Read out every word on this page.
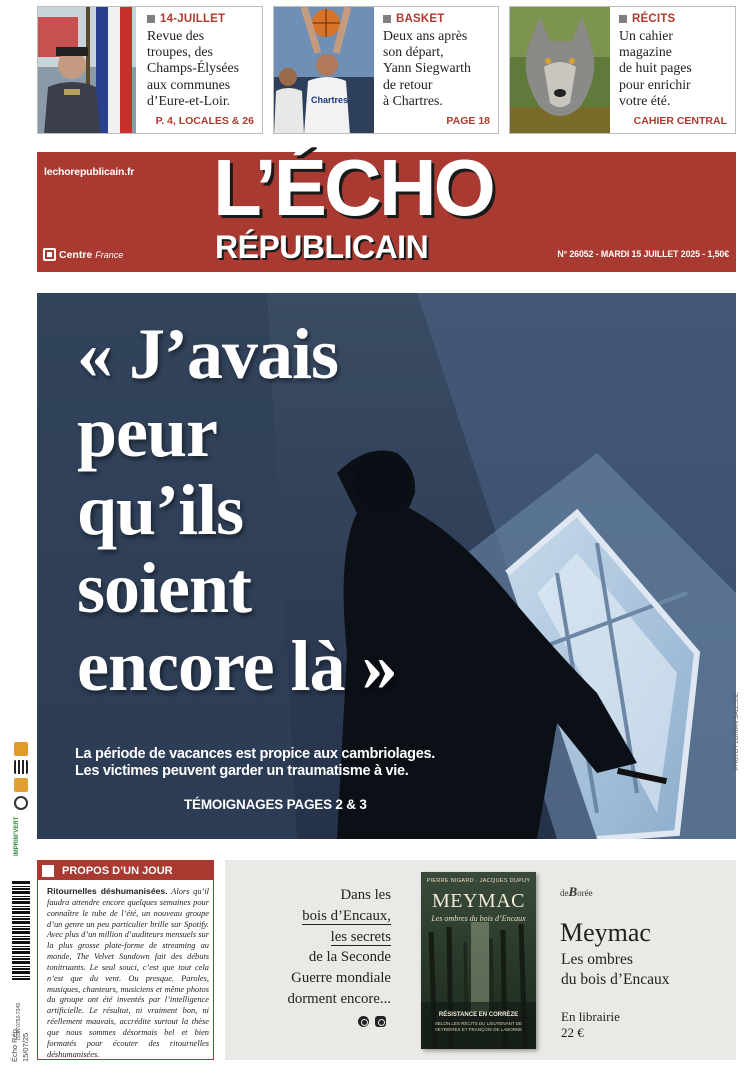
14-JUILLET
Revue des
troupes, des
Champs-Élysées
aux communes
d’Eure-et-Loir.
P. 4, LOCALES & 26
Chartres
BASKET
Deux ans après
son départ,
Yann Siegwarth
de retour
à Chartres.
PAGE 18
RÉCITS
Un cahier
magazine
de huit pages
pour enrichir
votre été.
CAHIER CENTRAL
lechorepublicain.fr L’ÉCHO
RÉPUBLICAIN
Centre France	N° 26052 - MARDI 15 JUILLET 2025 - 1,50€
« J’avais
peur
qu’ils
soient
encore là »
La période de vacances est propice aux cambriolages.
Les victimes peuvent garder un traumatisme à vie.
TÉMOIGNAGES PAGES 2 & 3
PHOTO FLORIAN SALESSE
IMPRIM’VERT
ISSN 0752-7349
Écho Rép. 15/07/25
PROPOS D’UN JOUR
Ritournelles déshumanisées. Alors qu’il faudra attendre encore quelques semaines pour connaître le tube de l’été, un nouveau groupe d’un genre un peu particulier brille sur Spotify. Avec plus d’un million d’auditeurs mensuels sur la plus grosse plate-forme de streaming au monde, The Velvet Sundown fait des débuts tonitruants. Le seul souci, c’est que tout cela n’est que du vent. Ou presque. Paroles, musiques, chanteurs, musiciens et même photos du groupe ont été inventés par l’intelligence artificielle. Le résultat, ni vraiment bon, ni réellement mauvais, accrédite surtout la thèse que nous sommes désormais bel et bien formatés pour écouter des ritournelles déshumanisées.
Dans les
bois d’Encaux,
les secrets
de la Seconde
Guerre mondiale
dorment encore...
PIERRE NIGARD · JACQUES DUPUY
MEYMAC
Les ombres du bois d’Encaux
RÉSISTANCE EN CORRÈZE
SELON LES RÉCITS DU LIEUTENANT DE VEYRIÈRES ET FRANÇOIS DE LABORNE
deBorée
Meymac
Les ombres
du bois d’Encaux
En librairie
22 €
